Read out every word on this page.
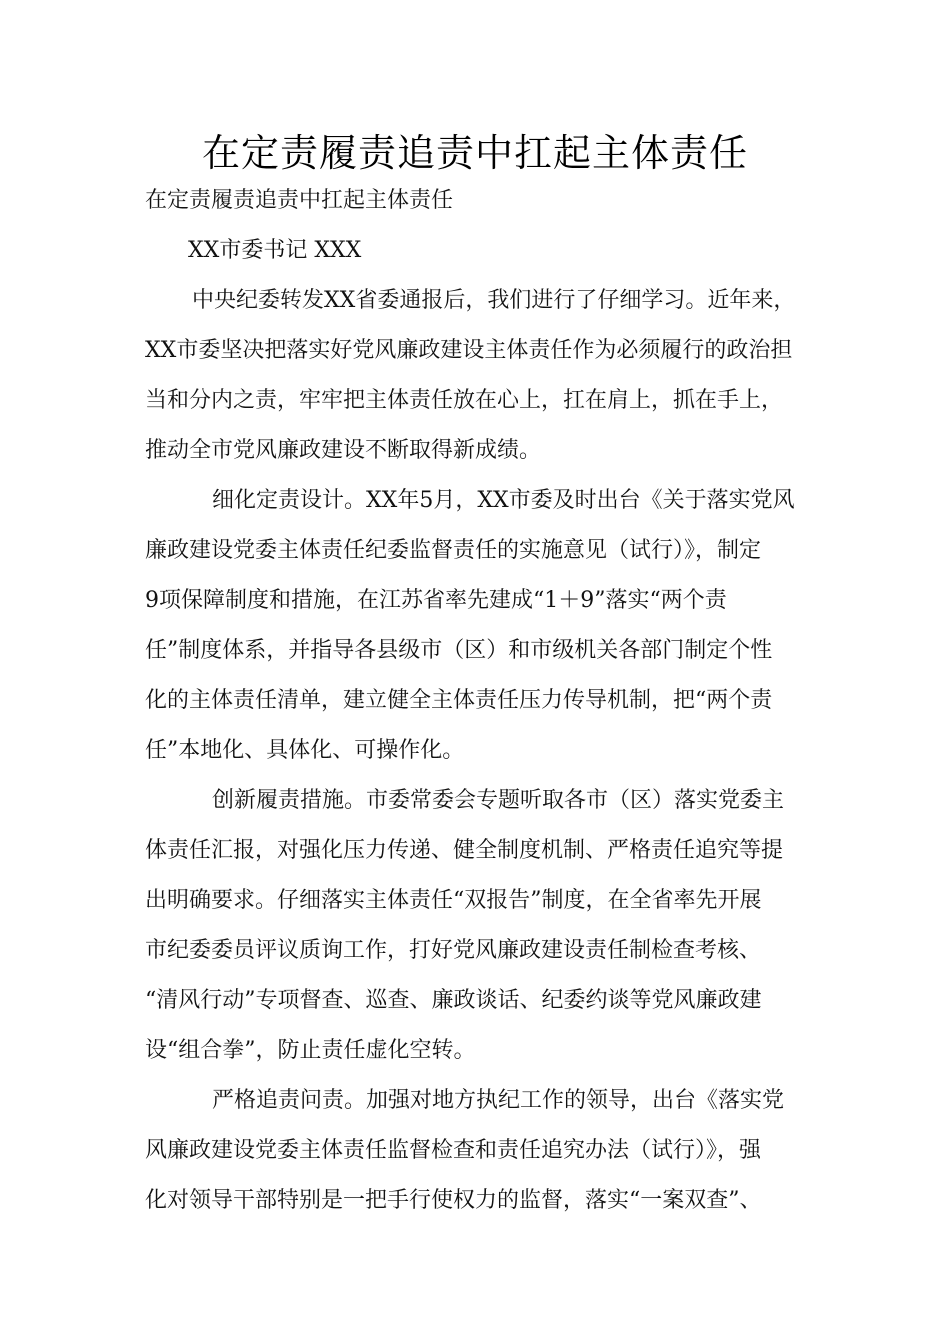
在定责履责追责中扛起主体责任
在定责履责追责中扛起主体责任
XX市委书记 XXX
中央纪委转发XX省委通报后，我们进行了仔细学习。近年来，
XX市委坚决把落实好党风廉政建设主体责任作为必须履行的政治担
当和分内之责，牢牢把主体责任放在心上，扛在肩上，抓在手上，
推动全市党风廉政建设不断取得新成绩。
细化定责设计。XX年5月，XX市委及时出台《关于落实党风
廉政建设党委主体责任纪委监督责任的实施意见（试行）》，制定
9项保障制度和措施，在江苏省率先建成“1＋9”落实“两个责
任”制度体系，并指导各县级市（区）和市级机关各部门制定个性
化的主体责任清单，建立健全主体责任压力传导机制，把“两个责
任”本地化、具体化、可操作化。
创新履责措施。市委常委会专题听取各市（区）落实党委主
体责任汇报，对强化压力传递、健全制度机制、严格责任追究等提
出明确要求。仔细落实主体责任“双报告”制度，在全省率先开展
市纪委委员评议质询工作，打好党风廉政建设责任制检查考核、
“清风行动”专项督查、巡查、廉政谈话、纪委约谈等党风廉政建
设“组合拳”，防止责任虚化空转。
严格追责问责。加强对地方执纪工作的领导，出台《落实党
风廉政建设党委主体责任监督检查和责任追究办法（试行）》，强
化对领导干部特别是一把手行使权力的监督，落实“一案双查”、
